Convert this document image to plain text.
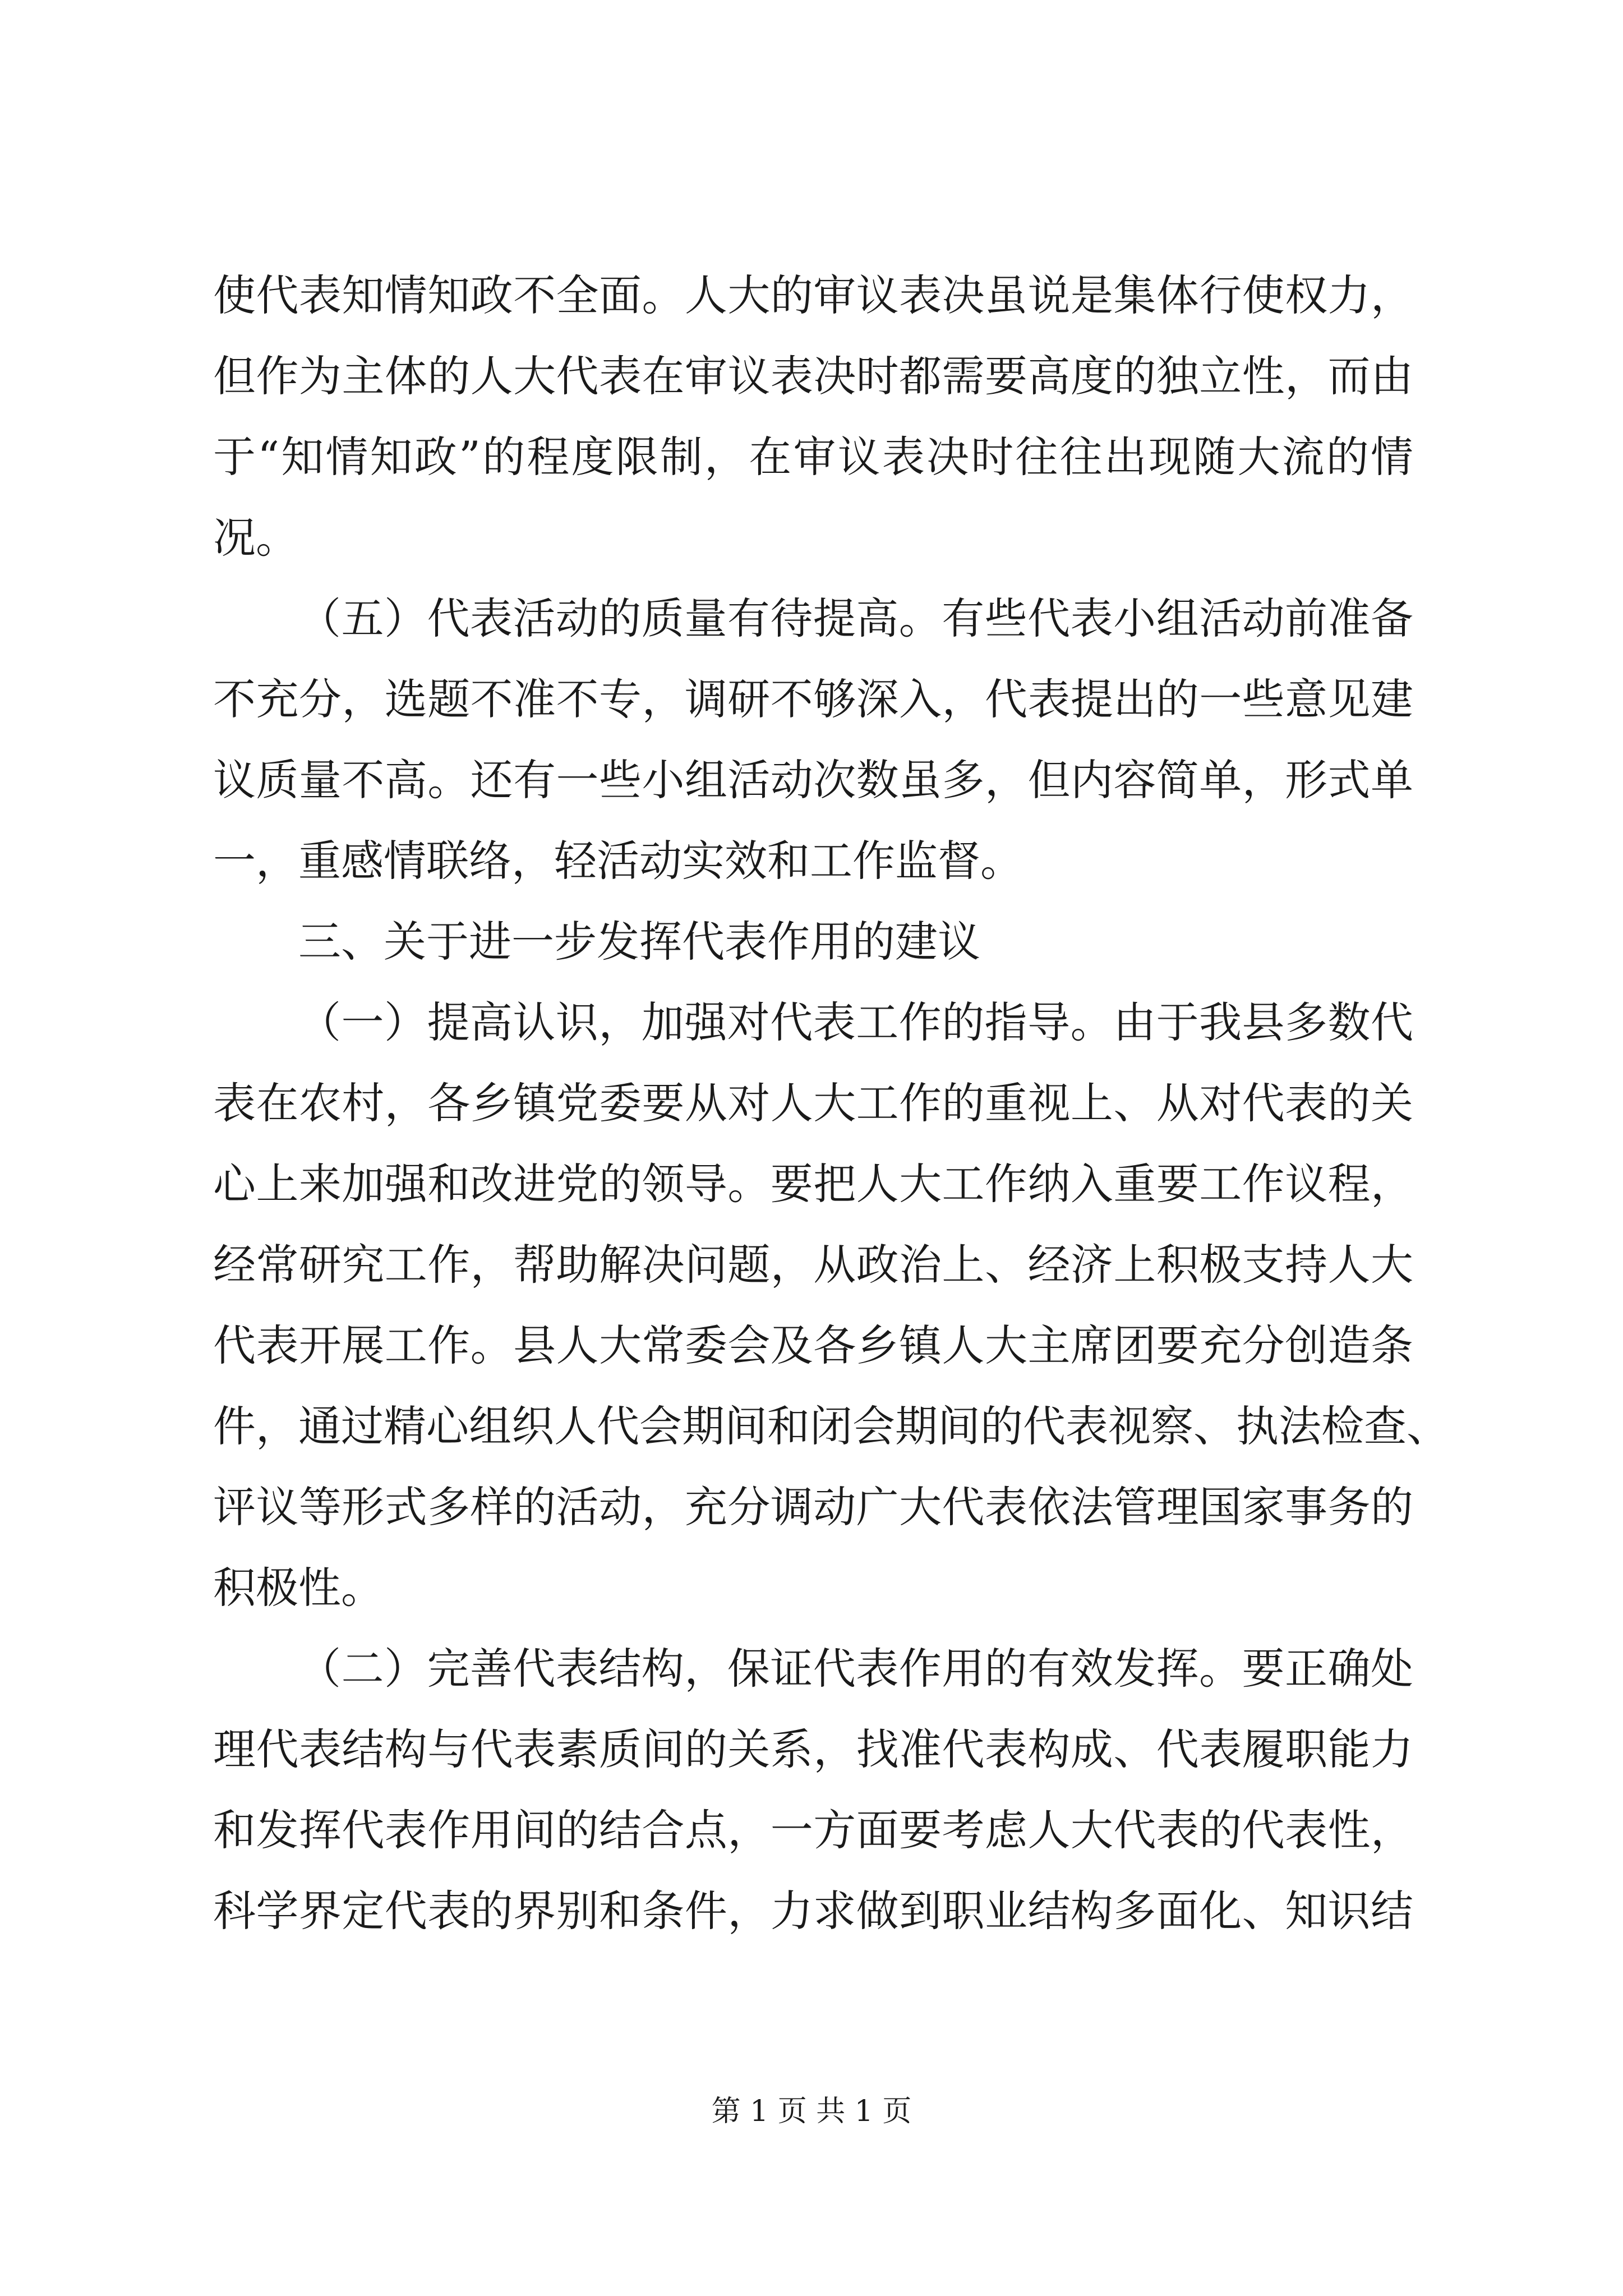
使代表知情知政不全面。人大的审议表决虽说是集体行使权力，
但作为主体的人大代表在审议表决时都需要高度的独立性，而由
于“知情知政”的程度限制，在审议表决时往往出现随大流的情
况。
（五）代表活动的质量有待提高。有些代表小组活动前准备
不充分，选题不准不专，调研不够深入，代表提出的一些意见建
议质量不高。还有一些小组活动次数虽多，但内容简单，形式单
一，重感情联络，轻活动实效和工作监督。
三、关于进一步发挥代表作用的建议
（一）提高认识，加强对代表工作的指导。由于我县多数代
表在农村，各乡镇党委要从对人大工作的重视上、从对代表的关
心上来加强和改进党的领导。要把人大工作纳入重要工作议程，
经常研究工作，帮助解决问题，从政治上、经济上积极支持人大
代表开展工作。县人大常委会及各乡镇人大主席团要充分创造条
件，通过精心组织人代会期间和闭会期间的代表视察、执法检查、
评议等形式多样的活动，充分调动广大代表依法管理国家事务的
积极性。
（二）完善代表结构，保证代表作用的有效发挥。要正确处
理代表结构与代表素质间的关系，找准代表构成、代表履职能力
和发挥代表作用间的结合点，一方面要考虑人大代表的代表性，
科学界定代表的界别和条件，力求做到职业结构多面化、知识结
第 1 页 共 1 页
